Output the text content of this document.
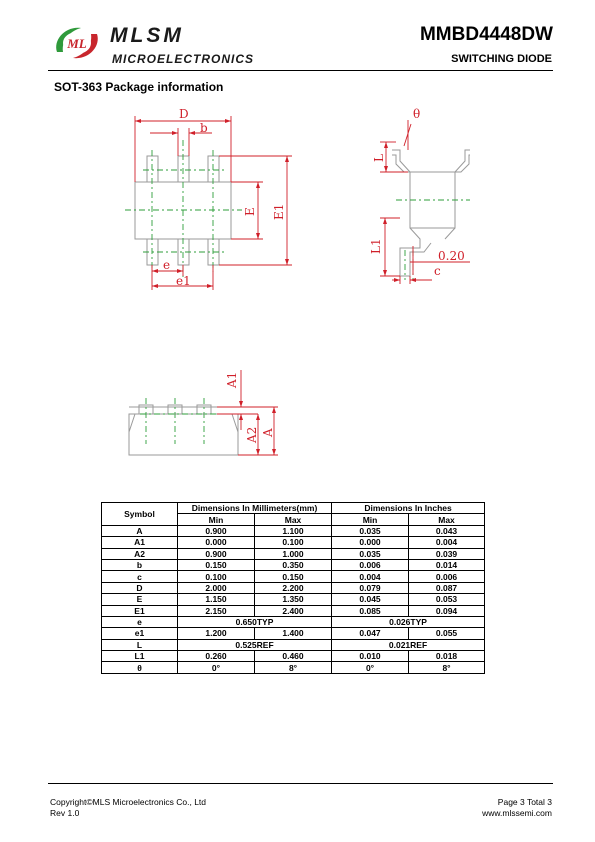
ML MLSM
MICROELECTRONICS
MMBD4448DW
SWITCHING DIODE
SOT-363 Package information
D
b
E E1
e
e1
θ
L
L1
0.20
c
A1
A2 A
Symbol	Dimensions In Millimeters(mm)		Dimensions In Inches	
	Min	Max	Min	Max
A	0.900	1.100	0.035	0.043
A1	0.000	0.100	0.000	0.004
A2	0.900	1.000	0.035	0.039
b	0.150	0.350	0.006	0.014
c	0.100	0.150	0.004	0.006
D	2.000	2.200	0.079	0.087
E	1.150	1.350	0.045	0.053
E1	2.150	2.400	0.085	0.094
e	0.650TYP		0.026TYP	
e1	1.200	1.400	0.047	0.055
L	0.525REF		0.021REF	
L1	0.260	0.460	0.010	0.018
θ	0°	8°	0°	8°
Copyright©MLS Microelectronics Co., Ltd
Rev 1.0
Page 3 Total 3
www.mlssemi.com
